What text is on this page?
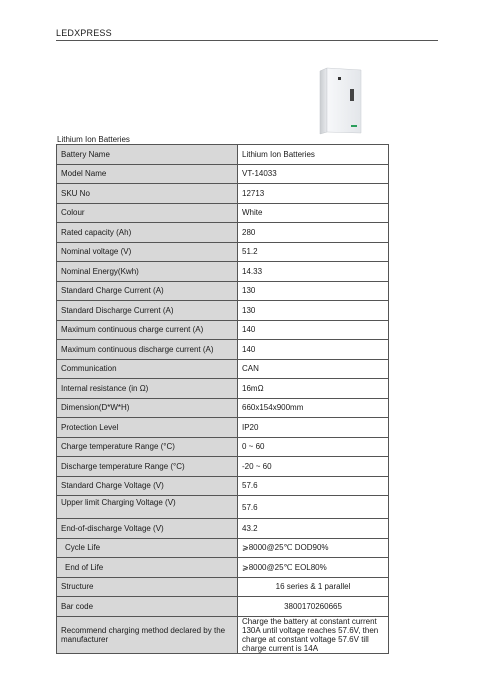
LEDXPRESS
Lithium Ion Batteries
Battery Name	Lithium Ion Batteries
Model Name	VT-14033
SKU No	12713
Colour	White
Rated capacity (Ah)	280
Nominal voltage (V)	51.2
Nominal Energy(Kwh)	14.33
Standard Charge Current (A)	130
Standard Discharge Current (A)	130
Maximum continuous charge current (A)	140
Maximum continuous discharge current (A)	140
Communication	CAN
Internal resistance (in Ω)	16mΩ
Dimension(D*W*H)	660x154x900mm
Protection Level	IP20
Charge temperature Range (°C)	0 ~ 60
Discharge temperature Range (°C)	-20 ~ 60
Standard Charge Voltage (V)	57.6
Upper limit Charging Voltage (V)	57.6
End-of-discharge Voltage (V)	43.2
Cycle Life	⩾8000@25℃ DOD90%
End of Life	⩾8000@25℃ EOL80%
Structure	16 series & 1 parallel
Bar code	3800170260665
Recommend charging method declared by the manufacturer	Charge the battery at constant current 130A until voltage reaches 57.6V, then charge at constant voltage 57.6V till charge current is 14A
